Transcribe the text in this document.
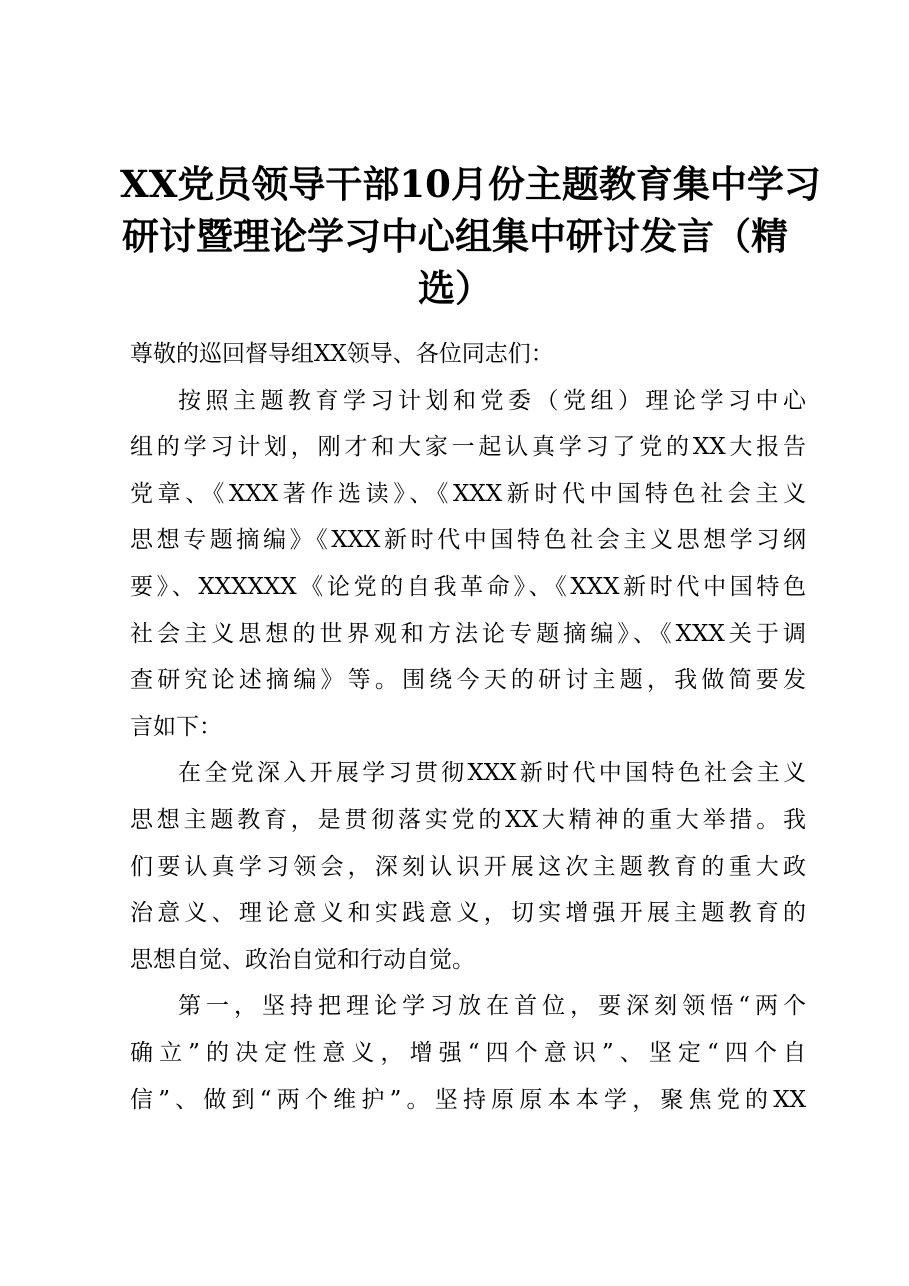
XX党员领导干部10月份主题教育集中学习
研讨暨理论学习中心组集中研讨发言（精
选）
尊敬的巡回督导组XX领导、各位同志们：
按照主题教育学习计划和党委（党组）理论学习中心
组的学习计划，刚才和大家一起认真学习了党的XX大报告
党章、《XXX著作选读》、《XXX新时代中国特色社会主义
思想专题摘编》《XXX新时代中国特色社会主义思想学习纲
要》、XXXXXX《论党的自我革命》、《XXX新时代中国特色
社会主义思想的世界观和方法论专题摘编》、《XXX关于调
查研究论述摘编》等。围绕今天的研讨主题，我做简要发
言如下：
在全党深入开展学习贯彻XXX新时代中国特色社会主义
思想主题教育，是贯彻落实党的XX大精神的重大举措。我
们要认真学习领会，深刻认识开展这次主题教育的重大政
治意义、理论意义和实践意义，切实增强开展主题教育的
思想自觉、政治自觉和行动自觉。
第一，坚持把理论学习放在首位，要深刻领悟“两个
确立”的决定性意义，增强“四个意识”、坚定“四个自
信”、做到“两个维护”。坚持原原本本学，聚焦党的XX
